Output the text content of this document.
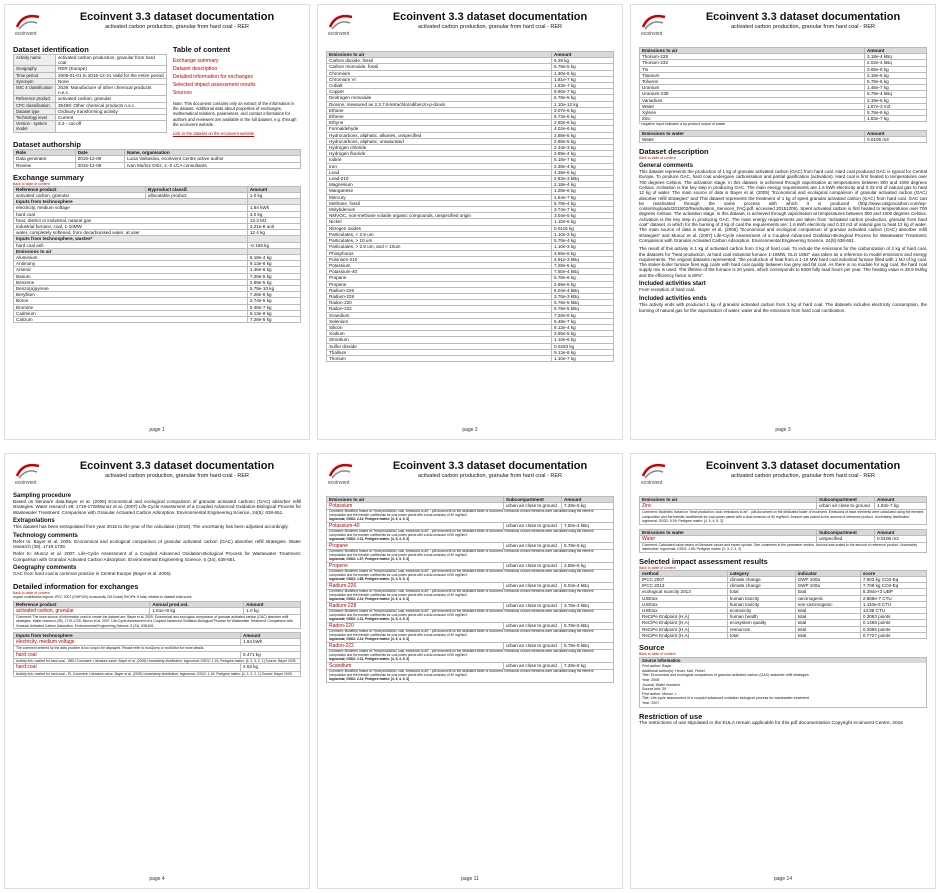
ecoinvent
Ecoinvent 3.3 dataset documentation
activated carbon production, granular from hard coal - RER
Dataset identification
Activity name	activated carbon production, granular from hard coal
Geography	RER (Europe)
Time period	2005-01-01 to 2016-12-31 Valid for the entire period
Synonym	None
ISIC 4 classification	2029: Manufacture of other chemical products n.e.c.
Reference product	activated carbon, granular
CPC classification	35499: Other chemical products n.e.c.
Dataset type	Ordinary transforming activity
Technology level	Current
Version - system model	3.3 - cut-off
Table of content
Exchange summary
Dataset description
Detailed information for exchanges
Selected impact assessment results
Sources
Note: This document contains only an extract of the information in the dataset. Additional data about properties of exchanges, mathematical relations, parameters, and contact information for authors and reviewers are available in the full dataset, e.g. through the ecoinvent website.
Link to the dataset on the ecoinvent website
Dataset authorship
Role	Date	Name, organisation
Data generator	2015-12-09	Lucia Valsasina, ecoinvent Centre active author
Review	2015-12-09	Ivan Muñoz Ortiz, 2.-0 LCA consultants
Exchange summary
Back to table of content
Reference product	Byproduct classif.	Amount
activated carbon, granular	allocatable product	1.0 kg
Inputs from technosphere		
electricity, medium voltage		1.84 kWh
hard coal		3.0 kg
heat, district or industrial, natural gas		13.3 MJ
industrial furnace, coal, 1-10MW		3.21e-8 unit
water, completely softened, from decarbonised water, at user		12.4 kg
Inputs from technosphere, wastes*		
hard coal ash		-0.168 kg
Emissions to air		
Aluminium		6.18e-4 kg
Antimony		9.13e-8 kg
Arsenic		1.46e-6 kg
Barium		7.28e-5 kg
Benzene		2.89e-5 kg
Benzo(a)pyrene		5.78e-10 kg
Beryllium		7.28e-8 kg
Boron		2.74e-5 kg
Bromine		5.48e-7 kg
Cadmium		9.13e-8 kg
Calcium		7.28e-5 kg
page 1
ecoinvent
Ecoinvent 3.3 dataset documentation
activated carbon production, granular from hard coal - RER
Emissions to air	Amount
Carbon dioxide, fossil	5.29 kg
Carbon monoxide, fossil	5.78e-5 kg
Chromium	1.30e-6 kg
Chromium VI	1.81e-7 kg
Cobalt	1.83e-7 kg
Copper	9.60e-7 kg
Dinitrogen monoxide	5.78e-5 kg
Dioxins, measured as 2,3,7,8-tetrachlorodibenzo-p-dioxin	1.10e-12 kg
Ethane	3.07e-6 kg
Ethene	5.73e-6 kg
Ethyne	2.50e-6 kg
Formaldehyde	4.02e-6 kg
Hydrocarbons, aliphatic, alkanes, unspecified	2.88e-5 kg
Hydrocarbons, aliphatic, unsaturated	2.88e-5 kg
Hydrogen chloride	2.34e-3 kg
Hydrogen fluoride	2.88e-4 kg
Iodine	5.18e-7 kg
Iron	2.38e-4 kg
Lead	4.38e-6 kg
Lead-210	2.83e-3 kBq
Magnesium	2.18e-4 kg
Manganese	1.28e-6 kg
Mercury	1.64e-7 kg
Methane, fossil	5.78e-4 kg
Molybdenum	3.74e-7 kg
NMVOC, non-methane volatile organic compounds, unspecified origin	3.04e-5 kg
Nickel	1.10e-6 kg
Nitrogen oxides	0.0116 kg
Particulates, < 2.5 um	1.10e-3 kg
Particulates, > 10 um	5.78e-4 kg
Particulates, > 2.5 um, and < 10um	1.10e-3 kg
Phosphorus	3.55e-6 kg
Polonium-210	4.91e-3 kBq
Potassium	7.28e-5 kg
Potassium-40	7.50e-4 kBq
Propane	5.78e-6 kg
Propene	2.89e-6 kg
Radium-226	6.04e-4 kBq
Radium-228	3.76e-3 kBq
Radon-220	5.78e-5 kBq
Radon-222	5.78e-5 kBq
Scandium	7.28e-8 kg
Selenium	5.48e-7 kg
Silicon	9.13e-4 kg
Sodium	3.65e-5 kg
Strontium	1.10e-6 kg
Sulfur dioxide	0.0283 kg
Thallium	9.13e-8 kg
Thorium	1.10e-7 kg
page 2
ecoinvent
Ecoinvent 3.3 dataset documentation
activated carbon production, granular from hard coal - RER
Emissions to air	Amount
Thorium-228	3.18e-4 kBq
Thorium-232	2.02e-4 kBq
Tin	3.65e-8 kg
Titanium	2.19e-5 kg
Toluene	5.78e-6 kg
Uranium	1.46e-7 kg
Uranium-238	5.78e-4 kBq
Vanadium	2.19e-6 kg
Water	1.87e-3 m3
Xylene	5.78e-6 kg
Zinc	1.83e-7 kg
* negative input indicates a by-product output of waste
Emissions to water	Amount
Water	0.0106 m3
Dataset description
Back to table of content
General comments
This dataset represents the production of 1 kg of granular activated carbon (GAC) from hard coal. Hard coal produced GAC is typical for Central Europe. To produce GAC, hard coal undergoes carbonisation and partial gasification (activation). Hard coal is first heated to temperatures over 700 degrees Celsius. The activation stage, in this dataset, is achieved through vaporisation at temperatures between 800 and 1000 degrees Celsius. Activation is the key step in producing GAC. The main energy requirements are 1.6 kWh electricity and 0.33 m3 of natural gas to heat 12 kg of water. The main source of data is Bayer et al. (2005) "Economical and ecological comparison of granular activated carbon (GAC) absorber refill strategies" and This dataset represents the treatment of 1 kg of spent granular activated carbon (GAC) from hard coal. GAC can be reactivated through the same process with which it is produced (http://www.calgoncarbon.com/wp-content/uploads/2015/02/Reactivation_Services_FAQ.pdf, accessed 20151209). Spent activated carbon is first heated to temperatures over 700 degrees Celsius. The activation stage, in this dataset, is achieved through vaporisation at temperatures between 800 and 1000 degrees Celsius. Activation is the key step in producing GAC. The main energy requirements are taken from "activated carbon production, granular from hard coal" dataset, in which for the burning of 3 kg of coal the requirements are: 1.6 kWh electricity and 0.33 m3 of natural gas to heat 12 kg of water. The main source of data is Bayer et al. (2005) "Economical and ecological comparison of granular activated carbon (GAC) absorber refill strategies" and Munoz et al. (2007) Life-Cycle Assessment of a Coupled Advanced Oxidation-Biological Process for Wastewater Treatment: Comparison with Granular Activated Carbon Adsorption. Environmental Engineering Science, 24(5) 638-651.
The result of this activity is 1 kg of activated carbon from 3 kg of hard coal. To include the emissions for the carbonization of 2 kg of hard coal, the datasets for "heat production, at hard coal industrial furnace 1-10MW, GLO 1992" was taken as a reference to model emissions and energy requirements. The original datasets represented: "the production of heat from a 1-10 MW hard coal industrial furnace filled with 1 MJ of kg coal. The stoker-boiler furnace fires egg coals with hard coal quality between low grey and fat coal. As there is no module for egg coal, the hard coal supply mix is used. The lifetime of the furnace is 20 years, which corresponds to 5000 fully load hours per year. The heating value is 28.9 MJ/kg and the efficiency factor is 80%".
Included activities start
From reception of hard coal.
Included activities ends
This activity ends with produced 1 kg of granular activated carbon from 3 kg of hard coal. The datasets includes electricity consumption, the burning of natural gas for the vaporisation of water, water and the emissions from hard coal combustion.
page 3
ecoinvent
Ecoinvent 3.3 dataset documentation
activated carbon production, granular from hard coal - RER
Sampling procedure
Based on literature data:Bayer et al. (2005) Economical and ecological comparison of granular activated carbonn (GAC) absorber refill strategies. Water research 39: 1719-1728Munoz et al. (2007) Life-Cycle Assessment of a Coupled Advanced Oxidation-Biological Process for Wastewater Treatment: Comparison with Granular Activated Carbon Adsorption. Environmental Engineering Science, 24(5): 638-651.
Extrapolations
This dataset has been extrapolated from year 2015 to the year of the calculation (2016). The uncertainty has been adjusted accordingly.
Technology comments
Refer to: Bayer et al. 2005. Economical and ecological comparison of granular activated carbon (GAC) absorber refill strategies. Water research (39), 1719-1728.
Refer to: Munoz et al. 2007. Life-Cycle Assessment of a Coupled Advanced Oxidation-Biological Process for Wastewater Treatment: Comparison with Granular Activated Carbon Adsorption. Environmental Engineering Science, 5 (24), 638-651.
Geography comments
GAC from hard coal is common practice in Central Europe (Bayer et al. 2005).
Detailed information for exchanges
Back to table of content
Impact contribution legend: IPCC 2007 (GWP100) ecoscarcity 2013 total) ReCiPe H total, relative to dataset total score
Reference product	Annual prod.vol.	Amount
activated carbon, granular	1.61e+8 kg	1.0 kg
Comment: The main source of information used to create the dataset are: Bayer et al. 2005. Economical and ecological comparison of granular activated carbon (GAC) absorber refill strategies. Water research (39), 1719-1728. Munoz et al. 2007. Life-Cycle Assessment of a Coupled Advanced Oxidation-Biological Process for Wastewater Treatment: Comparison with Granular Activated Carbon Adsorption. Environmental Engineering Science, 5 (24), 638-651.		
Inputs from technosphere	Amount
electricity, medium voltage	1.84 kWh
The comment entered by the data provider is too long to be displayed. Please refer to ecoQuery or ecoEditor for more details.	
hard coal	0.471 kg
Activity link: market for hard coal - WEU Comment: Literature value. Bayer et al. (2005) Uncertainty distribution: lognormal; GSD2: 1.15; Pedigree matrix: [4, 2, 3, 2, 1] Source: Bayer 2005	
hard coal	2.53 kg
Activity link: market for hard coal - PL Comment: Literature value. Bayer et al. (2005) Uncertainty distribution: lognormal; GSD2: 1.15; Pedigree matrix: [4, 2, 3, 2, 1] Source: Bayer 2005	
page 4
ecoinvent
Ecoinvent 3.3 dataset documentation
activated carbon production, granular from hard coal - RER
Emissions to air	Subcompartment	Amount
Potassium	urban air close to ground	7.28e-5 kg
Comment: Modelled, based on "heat production, coal, emissions to air" - pdf-document on the dedicated folder of ecoinvent. Emissions of trace elements were calculated using the element composition and the transfer coefficients for coal power plants with a dust-emission of 50 mg/Nm3.
lognormal; GSD2: 2.31; Pedigree matrix: [4, 5, 4, 5, 3]		
Potassium-40	urban air close to ground	7.50e-4 kBq
Comment: Modelled, based on "heat production, coal, emissions to air" - pdf-document on the dedicated folder of ecoinvent. Emissions of trace elements were calculated using the element composition and the transfer coefficients for coal power plants with a dust-emission of 50 mg/Nm3.
lognormal; GSD2: 2.31; Pedigree matrix: [4, 5, 4, 5, 3]		
Propane	urban air close to ground	5.78e-6 kg
Comment: Modelled, based on "heat production, coal, emissions to air" - pdf-document on the dedicated folder of ecoinvent. Emissions of trace elements were calculated using the element composition and the transfer coefficients for coal power plants with a dust-emission of 50 mg/Nm3.
lognormal; GSD2: 1.57; Pedigree matrix: [3, 3, 5, 5, 3]		
Propene	urban air close to ground	2.89e-6 kg
Comment: Modelled, based on "heat production, coal, emissions to air" - pdf-document on the dedicated folder of ecoinvent. Emissions of trace elements were calculated using the element composition and the transfer coefficients for coal power plants with a dust-emission of 50 mg/Nm3.
lognormal; GSD2: 1.65; Pedigree matrix: [3, 3, 5, 5, 1]		
Radium-226	urban air close to ground	6.04e-4 kBq
Comment: Modelled, based on "heat production, coal, emissions to air" - pdf-document on the dedicated folder of ecoinvent. Emissions of trace elements were calculated using the element composition and the transfer coefficients for coal power plants with a dust-emission of 50 mg/Nm3.
lognormal; GSD2: 2.31; Pedigree matrix: [4, 5, 4, 5, 3]		
Radium-228	urban air close to ground	3.76e-3 kBq
Comment: Modelled, based on "heat production, coal, emissions to air" - pdf-document on the dedicated folder of ecoinvent. Emissions of trace elements were calculated using the element composition and the transfer coefficients for coal power plants with a dust-emission of 50 mg/Nm3.
lognormal; GSD2: 2.31; Pedigree matrix: [4, 5, 4, 5, 3]		
Radon-220	urban air close to ground	5.78e-5 kBq
Comment: Modelled, based on "heat production, coal, emissions to air" - pdf-document on the dedicated folder of ecoinvent. Emissions of trace elements were calculated using the element composition and the transfer coefficients for coal power plants with a dust-emission of 50 mg/Nm3.
lognormal; GSD2: 2.31; Pedigree matrix: [4, 5, 4, 5, 3]		
Radon-222	urban air close to ground	5.78e-5 kBq
Comment: Modelled, based on "heat production, coal, emissions to air" - pdf-document on the dedicated folder of ecoinvent. Emissions of trace elements were calculated using the element composition and the transfer coefficients for coal power plants with a dust-emission of 50 mg/Nm3.
lognormal; GSD2: 2.31; Pedigree matrix: [4, 5, 4, 5, 3]		
Scandium	urban air close to ground	7.28e-8 kg
Comment: Modelled, based on "heat production, coal, emissions to air" - pdf-document on the dedicated folder of ecoinvent. Emissions of trace elements were calculated using the element composition and the transfer coefficients for coal power plants with a dust-emission of 50 mg/Nm3.
lognormal; GSD2: 2.31; Pedigree matrix: [4, 5, 4, 5, 3]		
page 11
ecoinvent
Ecoinvent 3.3 dataset documentation
activated carbon production, granular from hard coal - RER
Emissions to air	Subcompartment	Amount
Zinc	urban air close to ground	1.83e-7 kg
Comment: Modelled, based on "heat production, coal, emissions to air" - pdf-document on the dedicated folder of ecoinvent. Emissions of trace elements were calculated using the element composition and the transfer coefficients for coal power plants with a dust-emission of 50 mg/Nm3. Amount was scaled to the amount of reference product. Uncertainty distribution: lognormal; GSD2: 5.09; Pedigree matrix: [4, 5, 4, 5, 3]		
Emissions to water	Subcompartment	Amount
Water	unspecified	0.0106 m3
Comment: Calculated value based on literature values and expert opinion. See comments in the parameter section. Amount was scaled to the amount of reference product. Uncertainty distribution: lognormal; GSD2: 1.65; Pedigree matrix: [2, 3, 2, 4, 2]		
Selected impact assessment results
Back to table of content
method	category	indicator	score
IPCC 2007	climate change	GWP 100a	7.603 kg CO2-Eq
IPCC 2013	climate change	GWP 100a	7.709 kg CO2-Eq
ecological scarcity 2013	total	total	6.394e+3 UBP
USEtox	human toxicity	carcinogenic	2.868e-7 CTU
USEtox	human toxicity	non-carcinogenic	1.110e-6 CTU
USEtox	ecotoxicity	total	13.88 CTU
ReCiPe Endpoint (H,A)	human health	total	0.3063 points
ReCiPe Endpoint (H,A)	ecosystem quality	total	0.1468 points
ReCiPe Endpoint (H,A)	resources	total	0.2955 points
ReCiPe Endpoint (H,A)	total	total	0.7727 points
Source
Back to table of content
Source information
First author: Bayer
Additional author(s): Heuer, Karl, Finkel
Title: Economical and ecological comparison of granular activated carbon (GAC) adsorber refill strategies
Year: 2005
Journal: Water research
Source info: 39
First author: Munoz, I.
Title: Life-cycle assessment of a coupled advanced oxidation-biological process for wastewater treatment
Year: 2007
Restriction of use
The restrictions of use stipulated in the EULA remain applicable for this pdf documentation Copyright ecoinvent Centre, 2016
page 14
